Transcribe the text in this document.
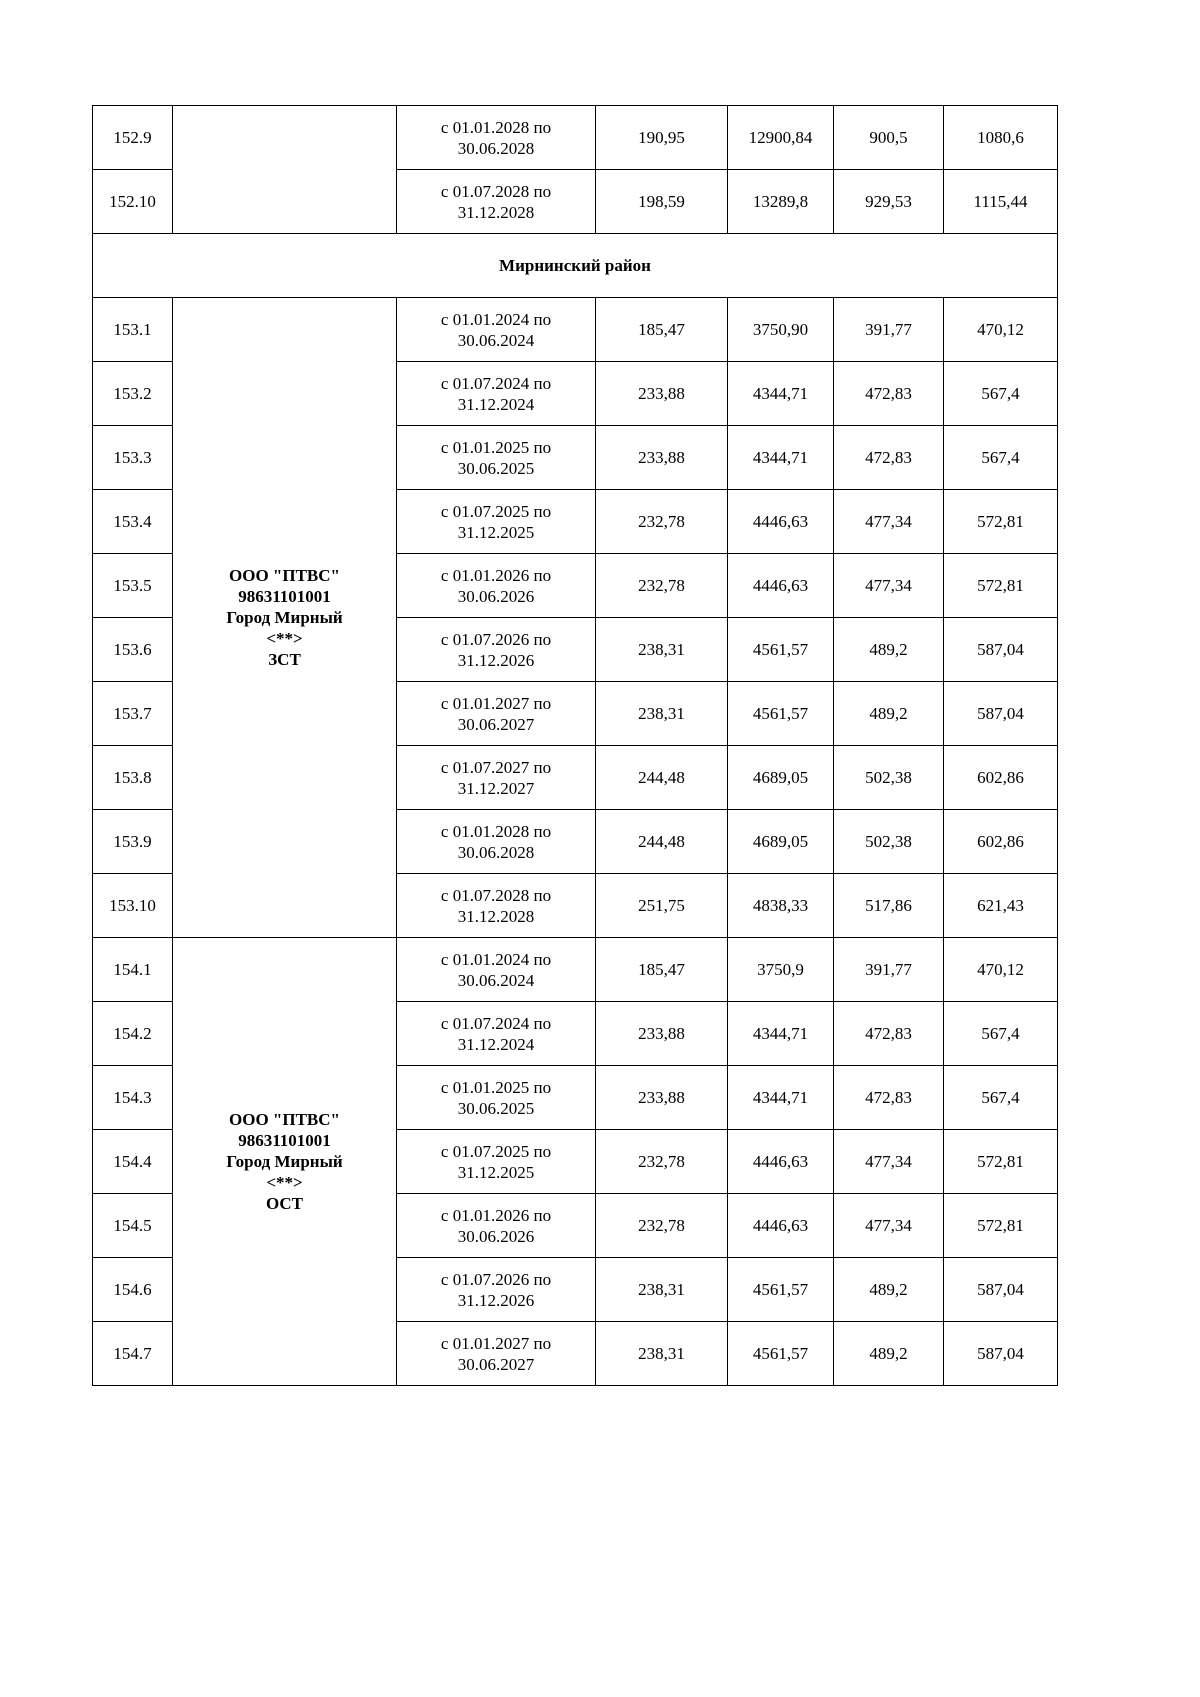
152.9		с 01.01.2028 по
30.06.2028	190,95	12900,84	900,5	1080,6
152.10		с 01.07.2028 по
31.12.2028	198,59	13289,8	929,53	1115,44
Мирнинский район						
153.1	ООО "ПТВС"
98631101001
Город Мирный
<**>
ЗСТ	с 01.01.2024 по
30.06.2024	185,47	3750,90	391,77	470,12
153.2		с 01.07.2024 по
31.12.2024	233,88	4344,71	472,83	567,4
153.3		с 01.01.2025 по
30.06.2025	233,88	4344,71	472,83	567,4
153.4		с 01.07.2025 по
31.12.2025	232,78	4446,63	477,34	572,81
153.5		с 01.01.2026 по
30.06.2026	232,78	4446,63	477,34	572,81
153.6		с 01.07.2026 по
31.12.2026	238,31	4561,57	489,2	587,04
153.7		с 01.01.2027 по
30.06.2027	238,31	4561,57	489,2	587,04
153.8		с 01.07.2027 по
31.12.2027	244,48	4689,05	502,38	602,86
153.9		с 01.01.2028 по
30.06.2028	244,48	4689,05	502,38	602,86
153.10		с 01.07.2028 по
31.12.2028	251,75	4838,33	517,86	621,43
154.1	ООО "ПТВС"
98631101001
Город Мирный
<**>
ОСТ	с 01.01.2024 по
30.06.2024	185,47	3750,9	391,77	470,12
154.2		с 01.07.2024 по
31.12.2024	233,88	4344,71	472,83	567,4
154.3		с 01.01.2025 по
30.06.2025	233,88	4344,71	472,83	567,4
154.4		с 01.07.2025 по
31.12.2025	232,78	4446,63	477,34	572,81
154.5		с 01.01.2026 по
30.06.2026	232,78	4446,63	477,34	572,81
154.6		с 01.07.2026 по
31.12.2026	238,31	4561,57	489,2	587,04
154.7		с 01.01.2027 по
30.06.2027	238,31	4561,57	489,2	587,04
